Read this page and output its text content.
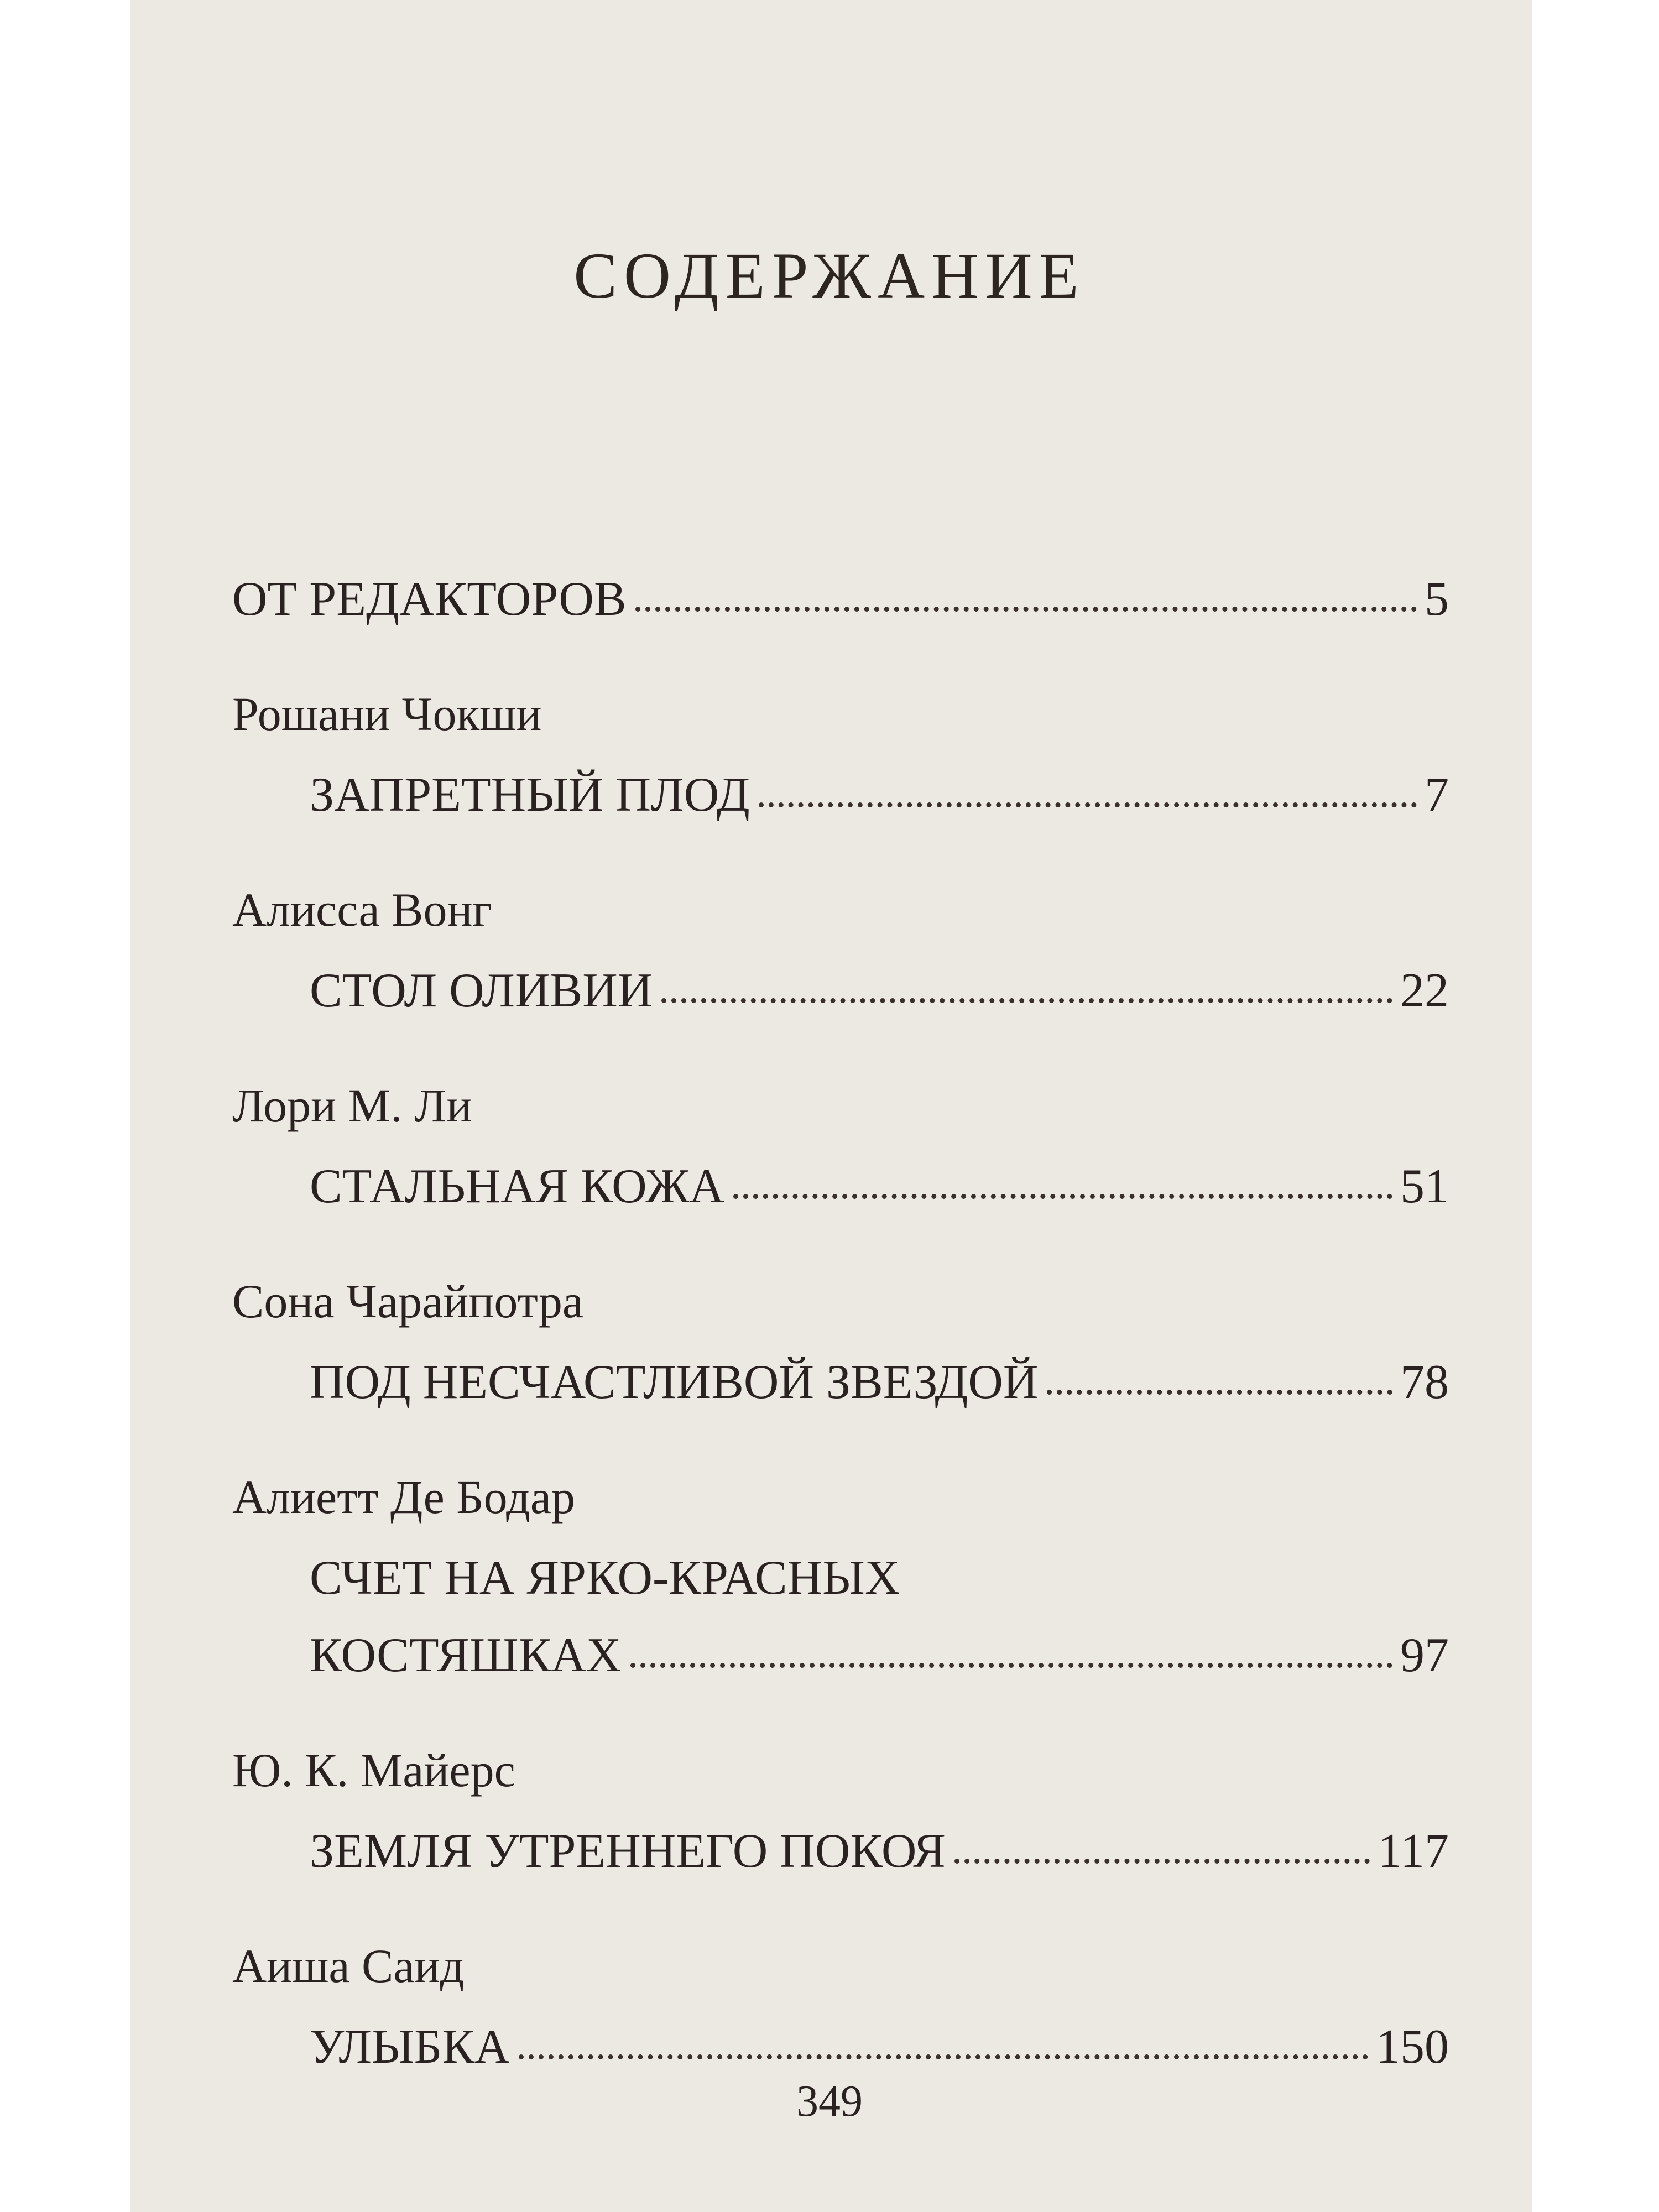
СОДЕРЖАНИЕ
ОТ РЕДАКТОРОВ	5
Рошани Чокши
ЗАПРЕТНЫЙ ПЛОД	7
Алисса Вонг
СТОЛ ОЛИВИИ	22
Лори М. Ли
СТАЛЬНАЯ КОЖА	51
Сона Чарайпотра
ПОД НЕСЧАСТЛИВОЙ ЗВЕЗДОЙ	78
Алиетт Де Бодар
СЧЕТ НА ЯРКО-КРАСНЫХ
КОСТЯШКАХ	97
Ю. К. Майерс
ЗЕМЛЯ УТРЕННЕГО ПОКОЯ	117
Аиша Саид
УЛЫБКА	150
349
